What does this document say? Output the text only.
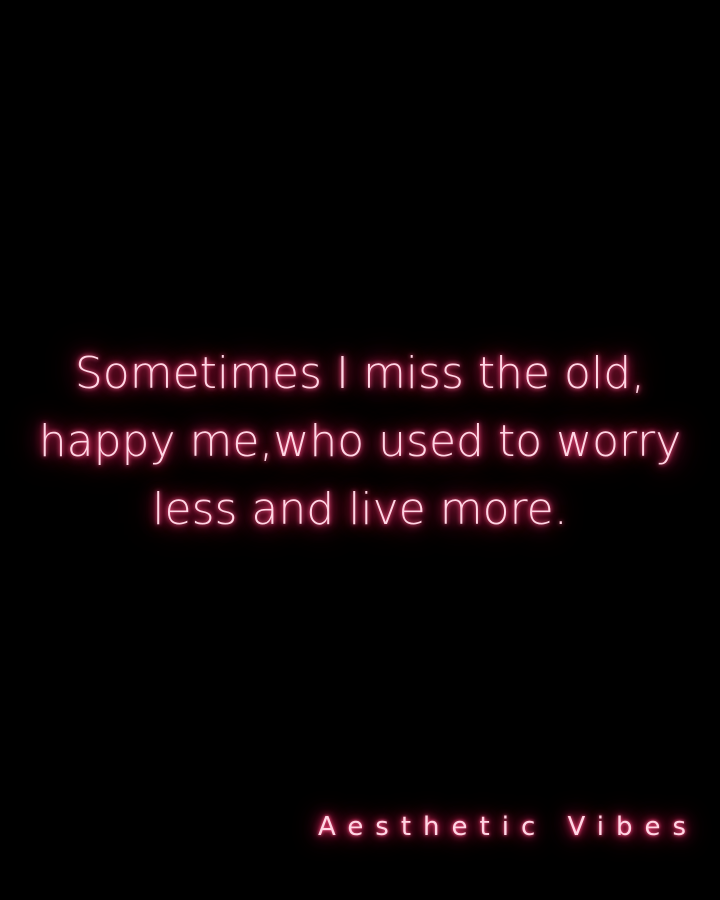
Sometimes I miss the old,
happy me,who used to worry
less and live more.
Aesthetic Vibes
